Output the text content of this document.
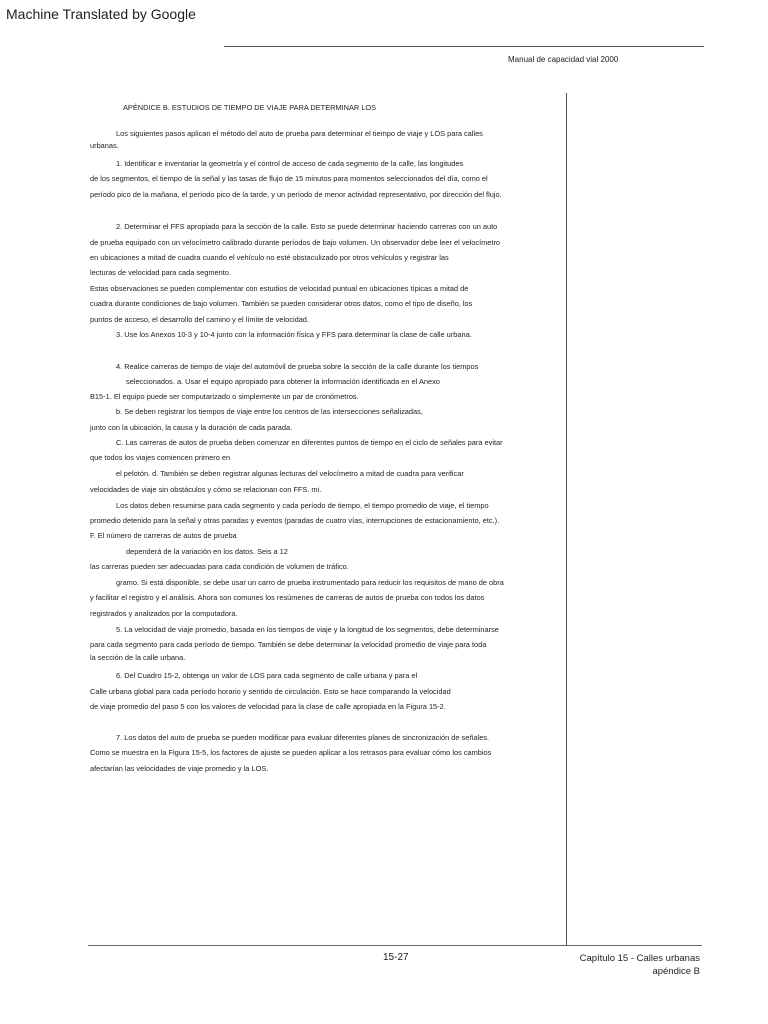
Machine Translated by Google
Manual de capacidad vial 2000
APÉNDICE B. ESTUDIOS DE TIEMPO DE VIAJE PARA DETERMINAR LOS
Los siguientes pasos aplican el método del auto de prueba para determinar el tiempo de viaje y LOS para calles
urbanas.
1. Identificar e inventariar la geometría y el control de acceso de cada segmento de la calle, las longitudes
de los segmentos, el tiempo de la señal y las tasas de flujo de 15 minutos para momentos seleccionados del día, como el
período pico de la mañana, el período pico de la tarde, y un período de menor actividad representativo, por dirección del flujo.
2. Determinar el FFS apropiado para la sección de la calle. Esto se puede determinar haciendo carreras con un auto
de prueba equipado con un velocímetro calibrado durante períodos de bajo volumen. Un observador debe leer el velocímetro
en ubicaciones a mitad de cuadra cuando el vehículo no esté obstaculizado por otros vehículos y registrar las
lecturas de velocidad para cada segmento.
Estas observaciones se pueden complementar con estudios de velocidad puntual en ubicaciones típicas a mitad de
cuadra durante condiciones de bajo volumen. También se pueden considerar otros datos, como el tipo de diseño, los
puntos de acceso, el desarrollo del camino y el límite de velocidad.
3. Use los Anexos 10-3 y 10-4 junto con la información física y FFS para determinar la clase de calle urbana.
4. Realice carreras de tiempo de viaje del automóvil de prueba sobre la sección de la calle durante los tiempos
seleccionados. a. Usar el equipo apropiado para obtener la información identificada en el Anexo
B15-1. El equipo puede ser computarizado o simplemente un par de cronómetros.
b. Se deben registrar los tiempos de viaje entre los centros de las intersecciones señalizadas,
junto con la ubicación, la causa y la duración de cada parada.
C. Las carreras de autos de prueba deben comenzar en diferentes puntos de tiempo en el ciclo de señales para evitar
que todos los viajes comiencen primero en
el pelotón. d. También se deben registrar algunas lecturas del velocímetro a mitad de cuadra para verificar
velocidades de viaje sin obstáculos y cómo se relacionan con FFS. mi.
Los datos deben resumirse para cada segmento y cada período de tiempo, el tiempo promedio de viaje, el tiempo
promedio detenido para la señal y otras paradas y eventos (paradas de cuatro vías, interrupciones de estacionamiento, etc.).
F. El número de carreras de autos de prueba
dependerá de la variación en los datos. Seis a 12
las carreras pueden ser adecuadas para cada condición de volumen de tráfico.
gramo. Si está disponible, se debe usar un carro de prueba instrumentado para reducir los requisitos de mano de obra
y facilitar el registro y el análisis. Ahora son comunes los resúmenes de carreras de autos de prueba con todos los datos
registrados y analizados por la computadora.
5. La velocidad de viaje promedio, basada en los tiempos de viaje y la longitud de los segmentos, debe determinarse
para cada segmento para cada período de tiempo. También se debe determinar la velocidad promedio de viaje para toda
la sección de la calle urbana.
6. Del Cuadro 15-2, obtenga un valor de LOS para cada segmento de calle urbana y para el
Calle urbana global para cada período horario y sentido de circulación. Esto se hace comparando la velocidad
de viaje promedio del paso 5 con los valores de velocidad para la clase de calle apropiada en la Figura 15-2.
7. Los datos del auto de prueba se pueden modificar para evaluar diferentes planes de sincronización de señales.
Como se muestra en la Figura 15-5, los factores de ajuste se pueden aplicar a los retrasos para evaluar cómo los cambios
afectarían las velocidades de viaje promedio y la LOS.
15-27	Capítulo 15 - Calles urbanas
apéndice B
